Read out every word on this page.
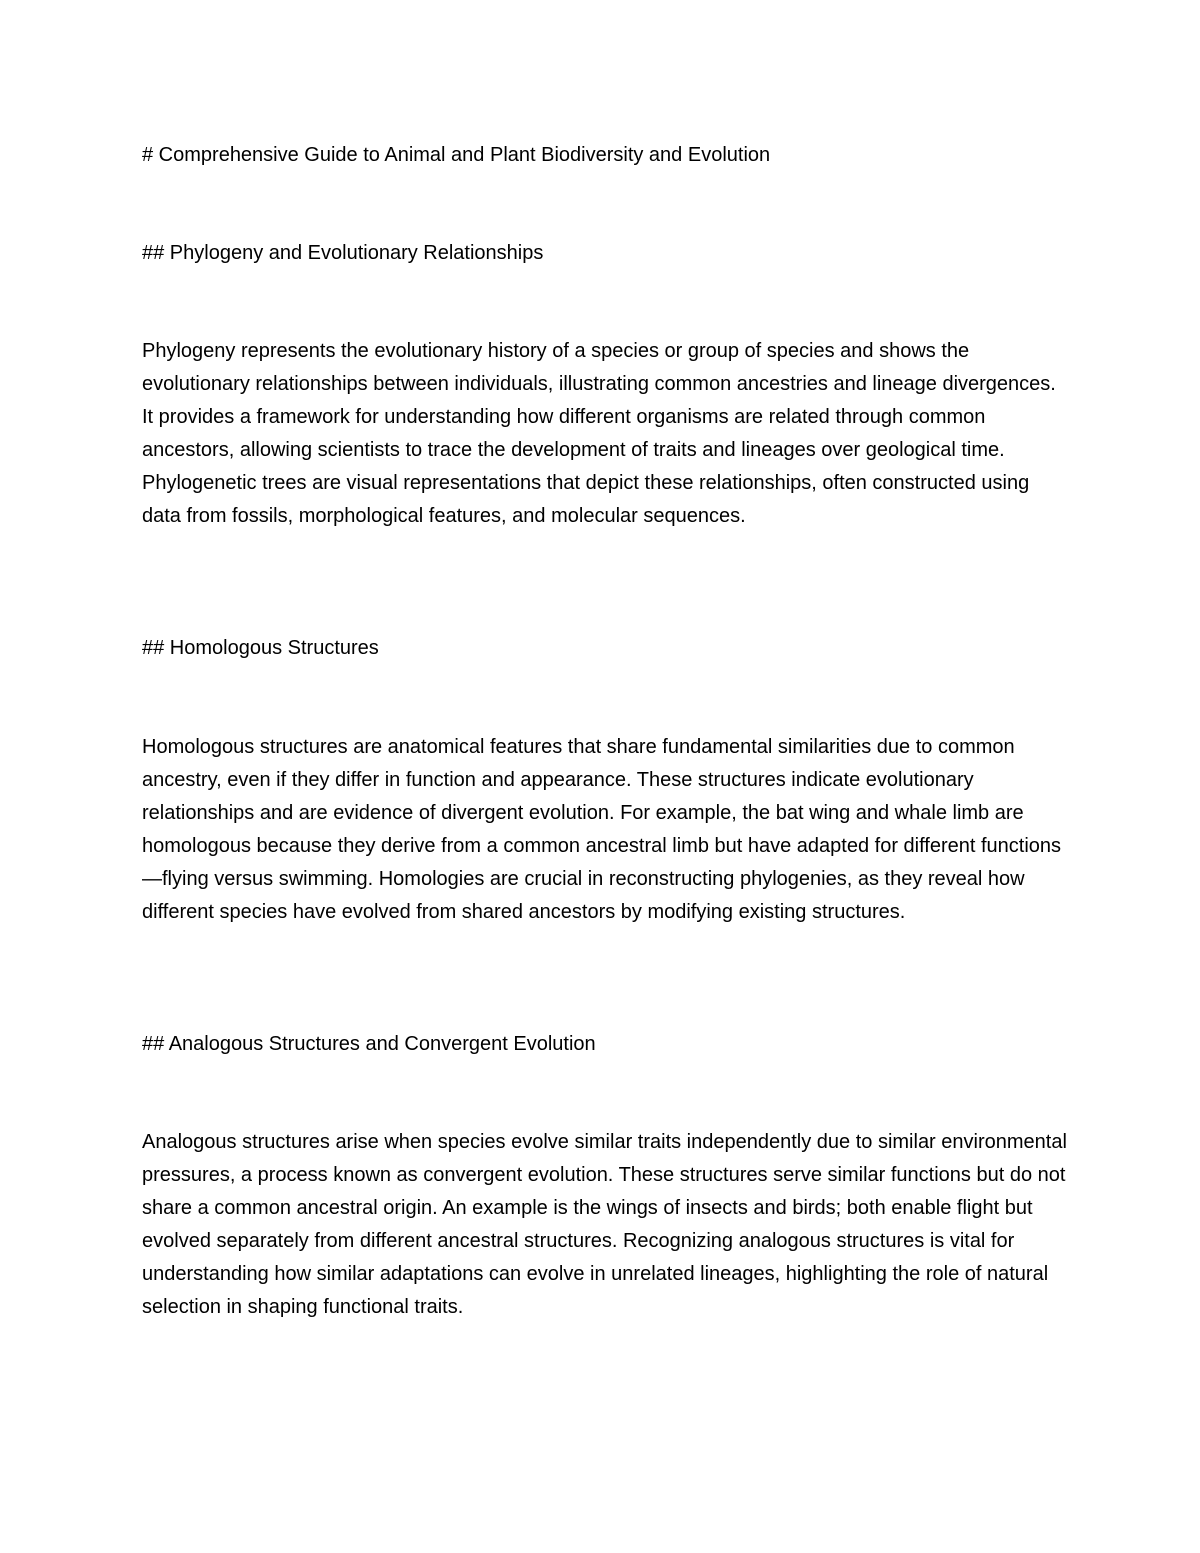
# Comprehensive Guide to Animal and Plant Biodiversity and Evolution

## Phylogeny and Evolutionary Relationships

Phylogeny represents the evolutionary history of a species or group of species and shows the evolutionary relationships between individuals, illustrating common ancestries and lineage divergences. It provides a framework for understanding how different organisms are related through common ancestors, allowing scientists to trace the development of traits and lineages over geological time. Phylogenetic trees are visual representations that depict these relationships, often constructed using data from fossils, morphological features, and molecular sequences.

## Homologous Structures

Homologous structures are anatomical features that share fundamental similarities due to common ancestry, even if they differ in function and appearance. These structures indicate evolutionary relationships and are evidence of divergent evolution. For example, the bat wing and whale limb are homologous because they derive from a common ancestral limb but have adapted for different functions—flying versus swimming. Homologies are crucial in reconstructing phylogenies, as they reveal how different species have evolved from shared ancestors by modifying existing structures.

## Analogous Structures and Convergent Evolution

Analogous structures arise when species evolve similar traits independently due to similar environmental pressures, a process known as convergent evolution. These structures serve similar functions but do not share a common ancestral origin. An example is the wings of insects and birds; both enable flight but evolved separately from different ancestral structures. Recognizing analogous structures is vital for understanding how similar adaptations can evolve in unrelated lineages, highlighting the role of natural selection in shaping functional traits.
